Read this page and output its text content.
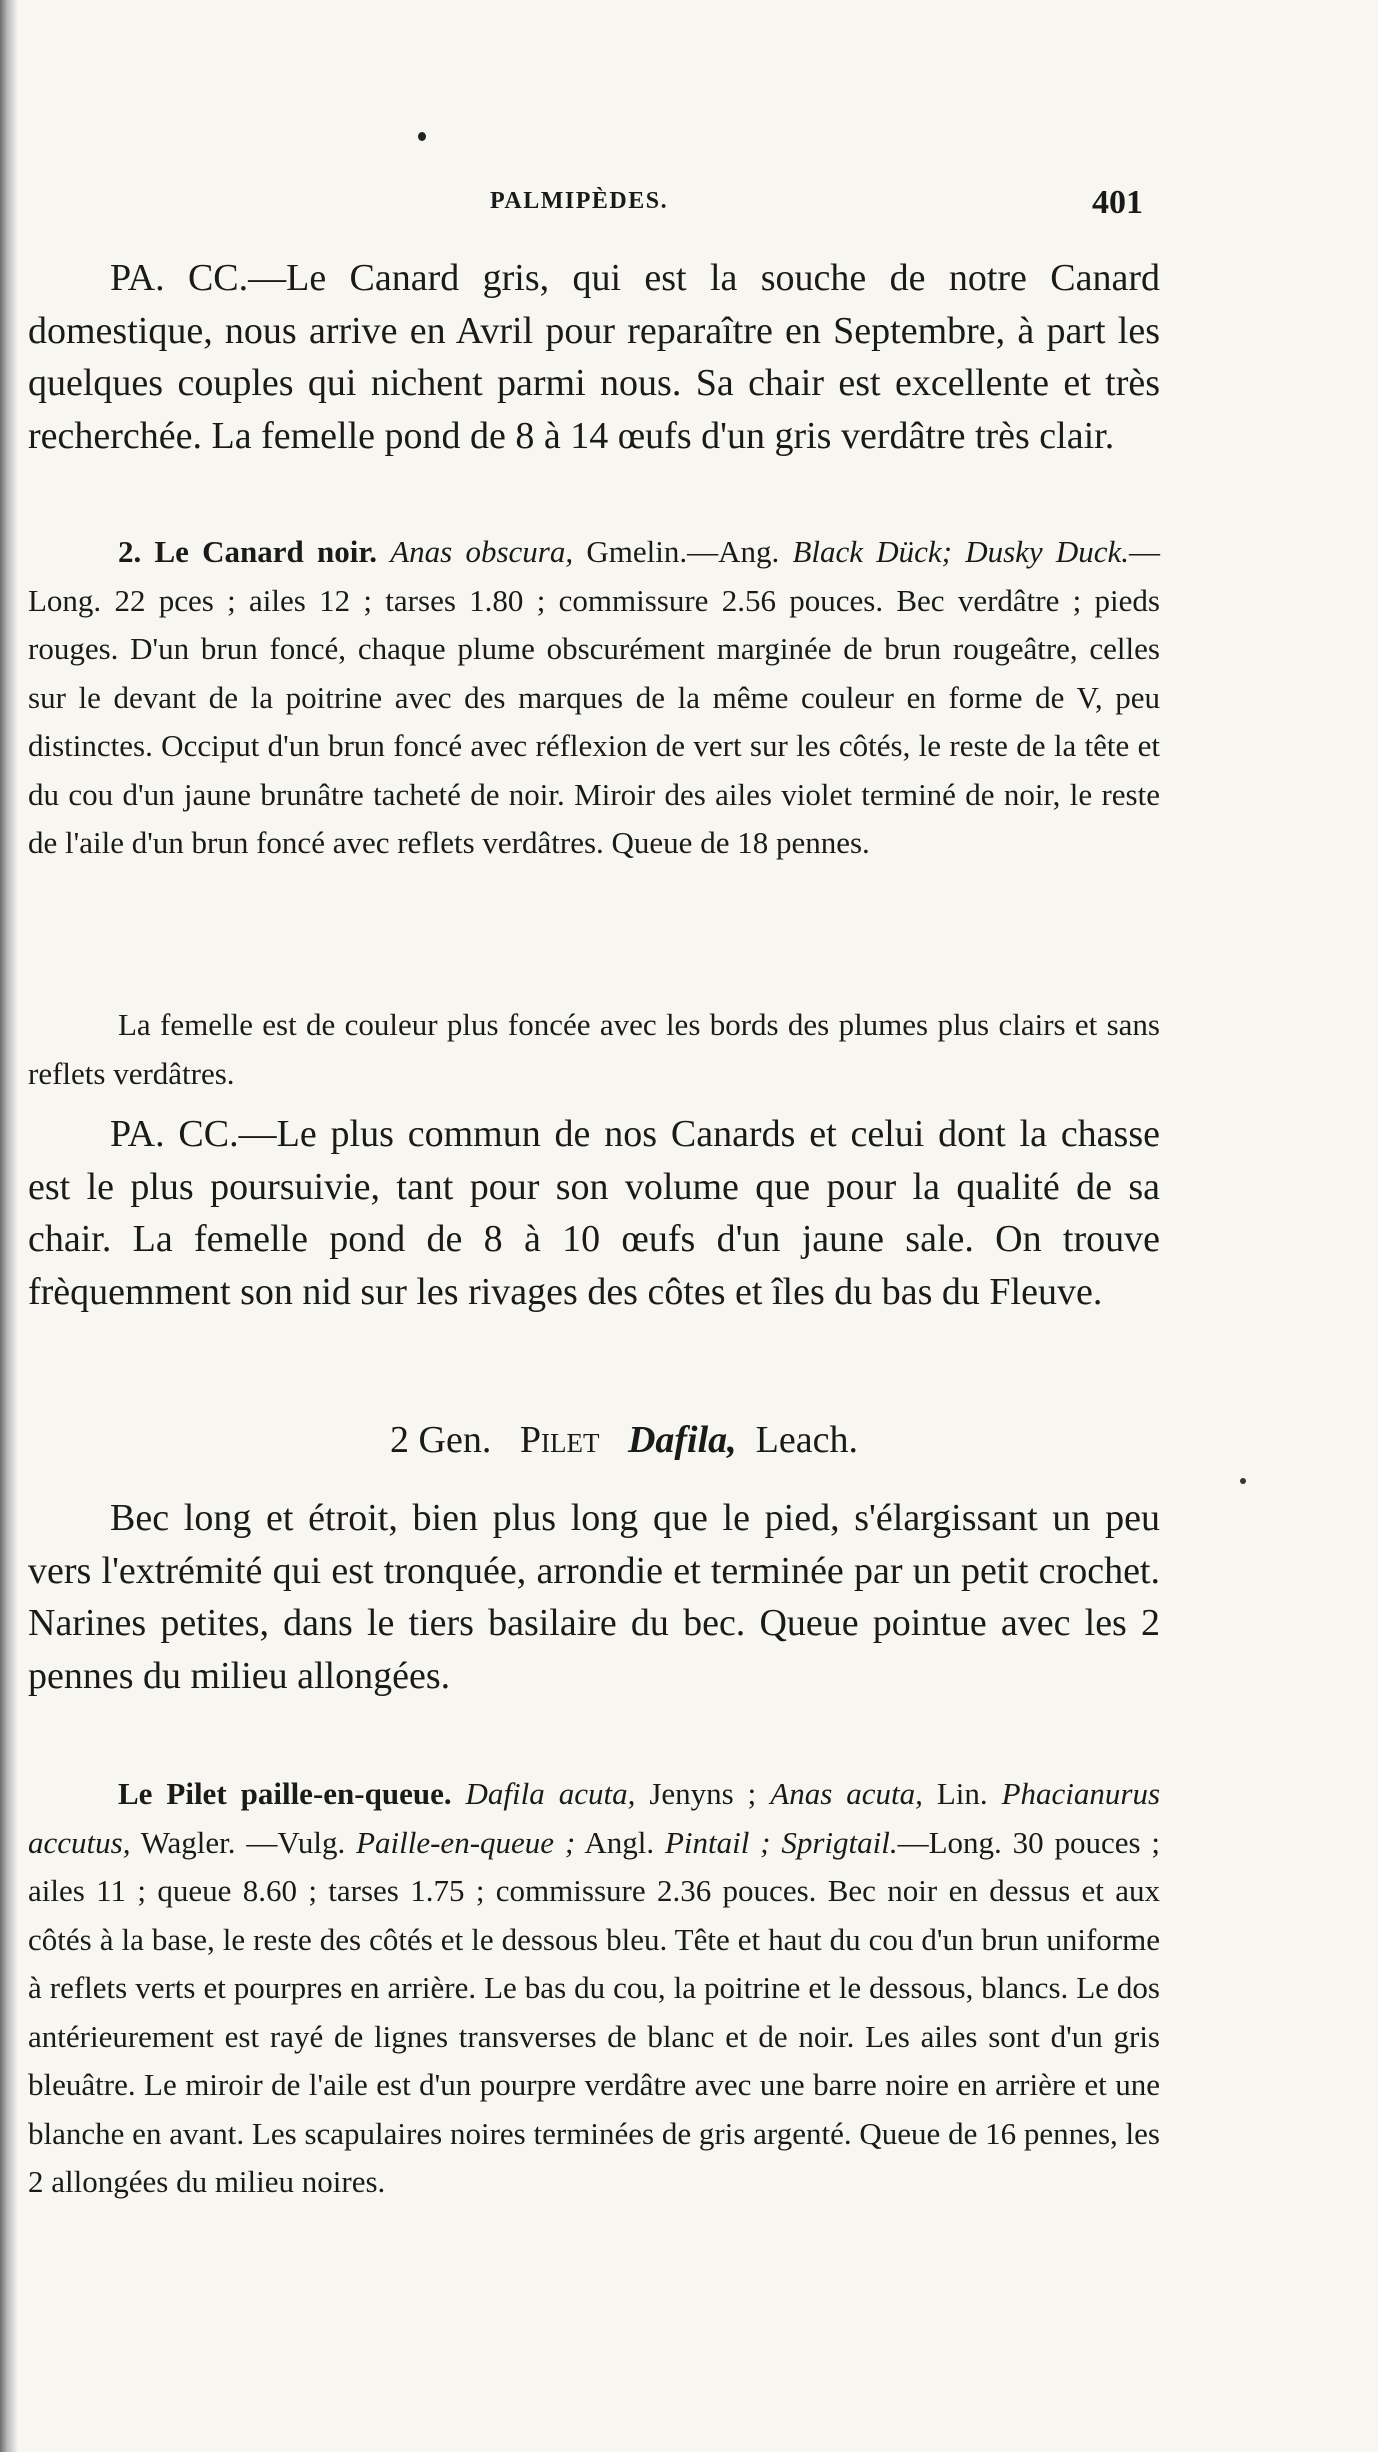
PALMIPÈDES.	401

PA. CC.—Le Canard gris, qui est la souche de notre Canard domestique, nous arrive en Avril pour reparaître en Septembre, à part les quelques couples qui nichent parmi nous. Sa chair est excellente et très recherchée. La femelle pond de 8 à 14 œufs d'un gris verdâtre très clair.

2. Le Canard noir. Anas obscura, Gmelin.—Ang. Black Dück; Dusky Duck.—Long. 22 pces ; ailes 12 ; tarses 1.80 ; commissure 2.56 pouces. Bec verdâtre ; pieds rouges. D'un brun foncé, chaque plume obscurément marginée de brun rougeâtre, celles sur le devant de la poitrine avec des marques de la même couleur en forme de V, peu distinctes. Occiput d'un brun foncé avec réflexion de vert sur les côtés, le reste de la tête et du cou d'un jaune brunâtre tacheté de noir. Miroir des ailes violet terminé de noir, le reste de l'aile d'un brun foncé avec reflets verdâtres. Queue de 18 pennes.

La femelle est de couleur plus foncée avec les bords des plumes plus clairs et sans reflets verdâtres.

PA. CC.—Le plus commun de nos Canards et celui dont la chasse est le plus poursuivie, tant pour son volume que pour la qualité de sa chair. La femelle pond de 8 à 10 œufs d'un jaune sale. On trouve frèquemment son nid sur les rivages des côtes et îles du bas du Fleuve.

2 Gen. Pilet Dafila, Leach.

Bec long et étroit, bien plus long que le pied, s'élargissant un peu vers l'extrémité qui est tronquée, arrondie et terminée par un petit crochet. Narines petites, dans le tiers basilaire du bec. Queue pointue avec les 2 pennes du milieu allongées.

Le Pilet paille-en-queue. Dafila acuta, Jenyns ; Anas acuta, Lin. Phacianurus accutus, Wagler. —Vulg. Paille-en-queue ; Angl. Pintail ; Sprigtail.—Long. 30 pouces ; ailes 11 ; queue 8.60 ; tarses 1.75 ; commissure 2.36 pouces. Bec noir en dessus et aux côtés à la base, le reste des côtés et le dessous bleu. Tête et haut du cou d'un brun uniforme à reflets verts et pourpres en arrière. Le bas du cou, la poitrine et le dessous, blancs. Le dos antérieurement est rayé de lignes transverses de blanc et de noir. Les ailes sont d'un gris bleuâtre. Le miroir de l'aile est d'un pourpre verdâtre avec une barre noire en arrière et une blanche en avant. Les scapulaires noires terminées de gris argenté. Queue de 16 pennes, les 2 allongées du milieu noires.
